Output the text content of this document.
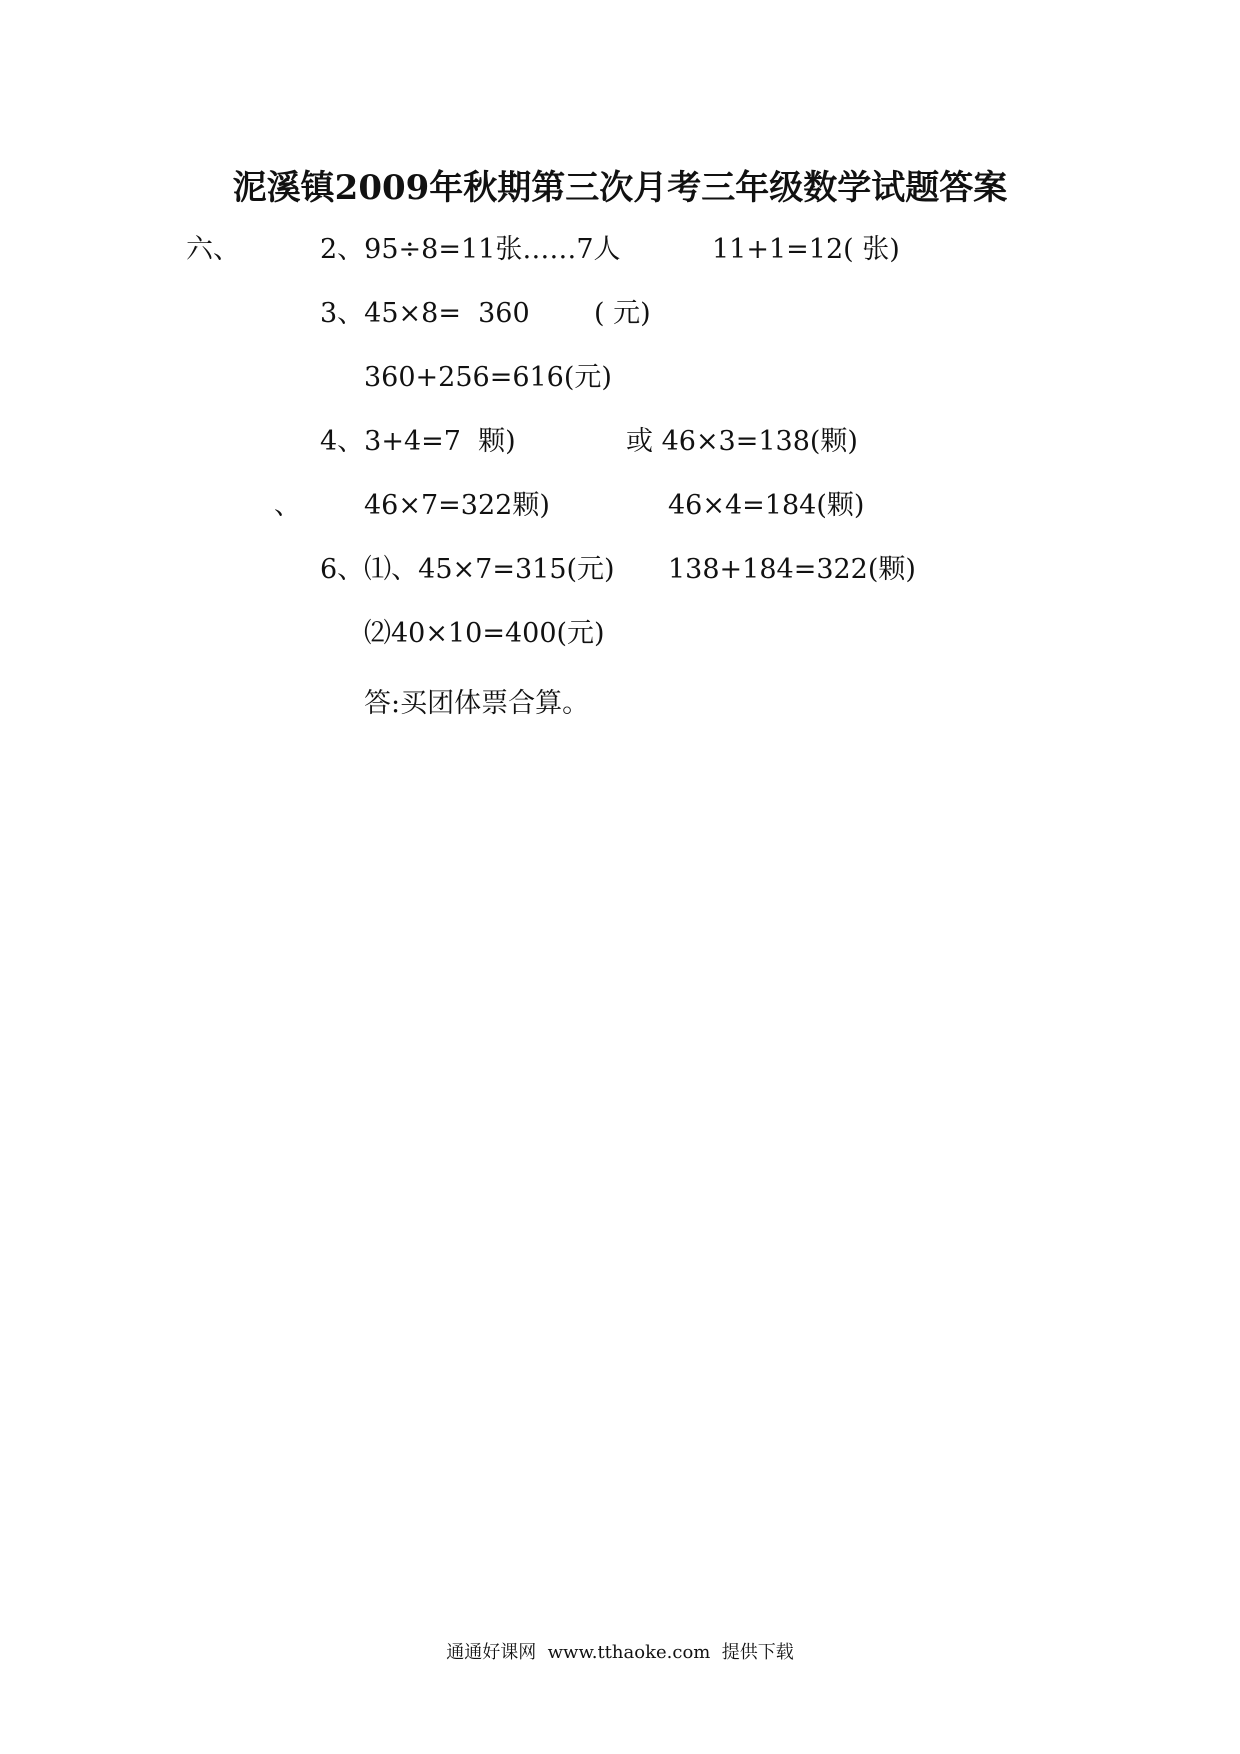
泥溪镇2009年秋期第三次月考三年级数学试题答案
六、	2、95÷8=11张……7人	11+1=12( 张)
3、45×8=  360 ( 元)
360+256=616(元)
4、3+4=7  颗)	或 46×3=138(颗)
、 46×7=322颗)	46×4=184(颗)
6、⑴、45×7=315(元) 138+184=322(颗)
⑵40×10=400(元)
答:买团体票合算。
通通好课网  www.tthaoke.com  提供下载
